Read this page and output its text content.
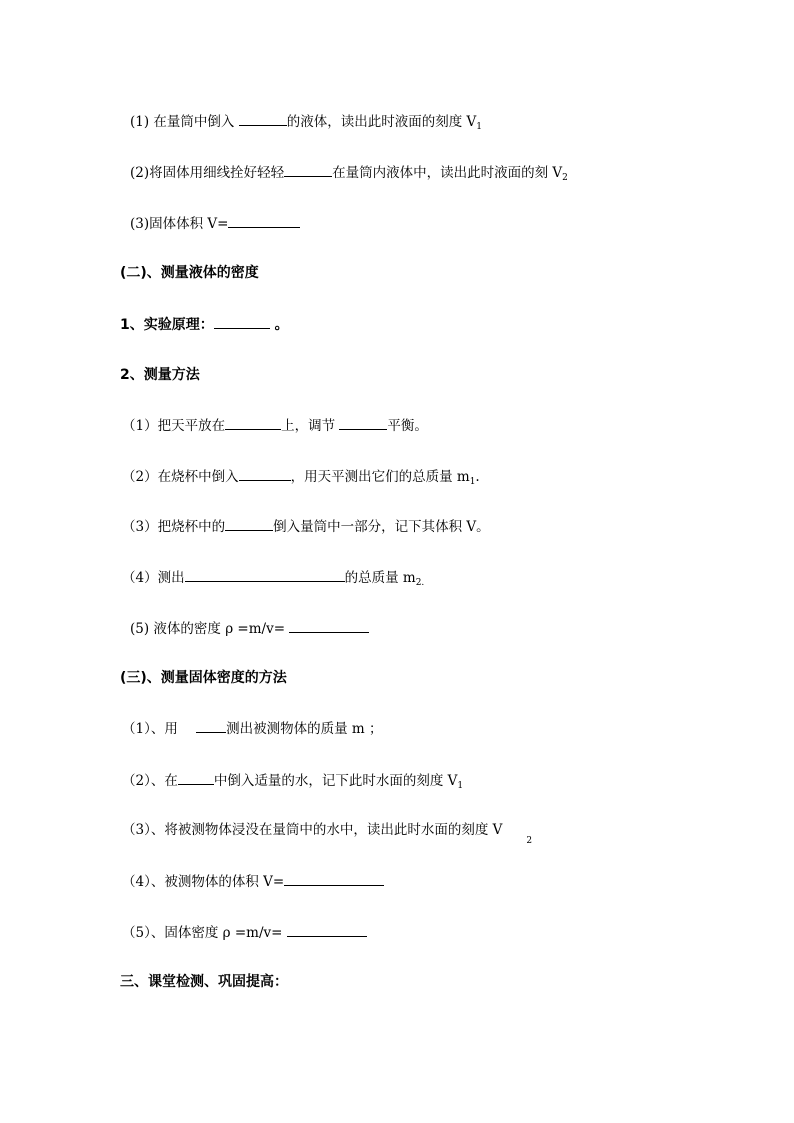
(1) 在量筒中倒入	的液体，读出此时液面的刻度 $V_1$
(2)将固体用细线拴好轻轻	在量筒内液体中，读出此时液面的刻 $V_2$
(3)固体体积 V=
(二)、测量液体的密度
1、实验原理：	。
2、测量方法
（1）把天平放在	上，调节	平衡。
（2）在烧杯中倒入	，用天平测出它们的总质量 $m_1$.
（3）把烧杯中的	倒入量筒中一部分，记下其体积 V。
（4）测出	的总质量 $m_{2.}$
(5) 液体的密度 ρ =m/v=
(三)、测量固体密度的方法
（1）、用	测出被测物体的质量 m ；
（2）、在	中倒入适量的水，记下此时水面的刻度 $V_1$
（3）、将被测物体浸没在量筒中的水中，读出此时水面的刻度 $V_2$
（4）、被测物体的体积 V=
（5）、固体密度 ρ =m/v=
三、课堂检测、巩固提高：
